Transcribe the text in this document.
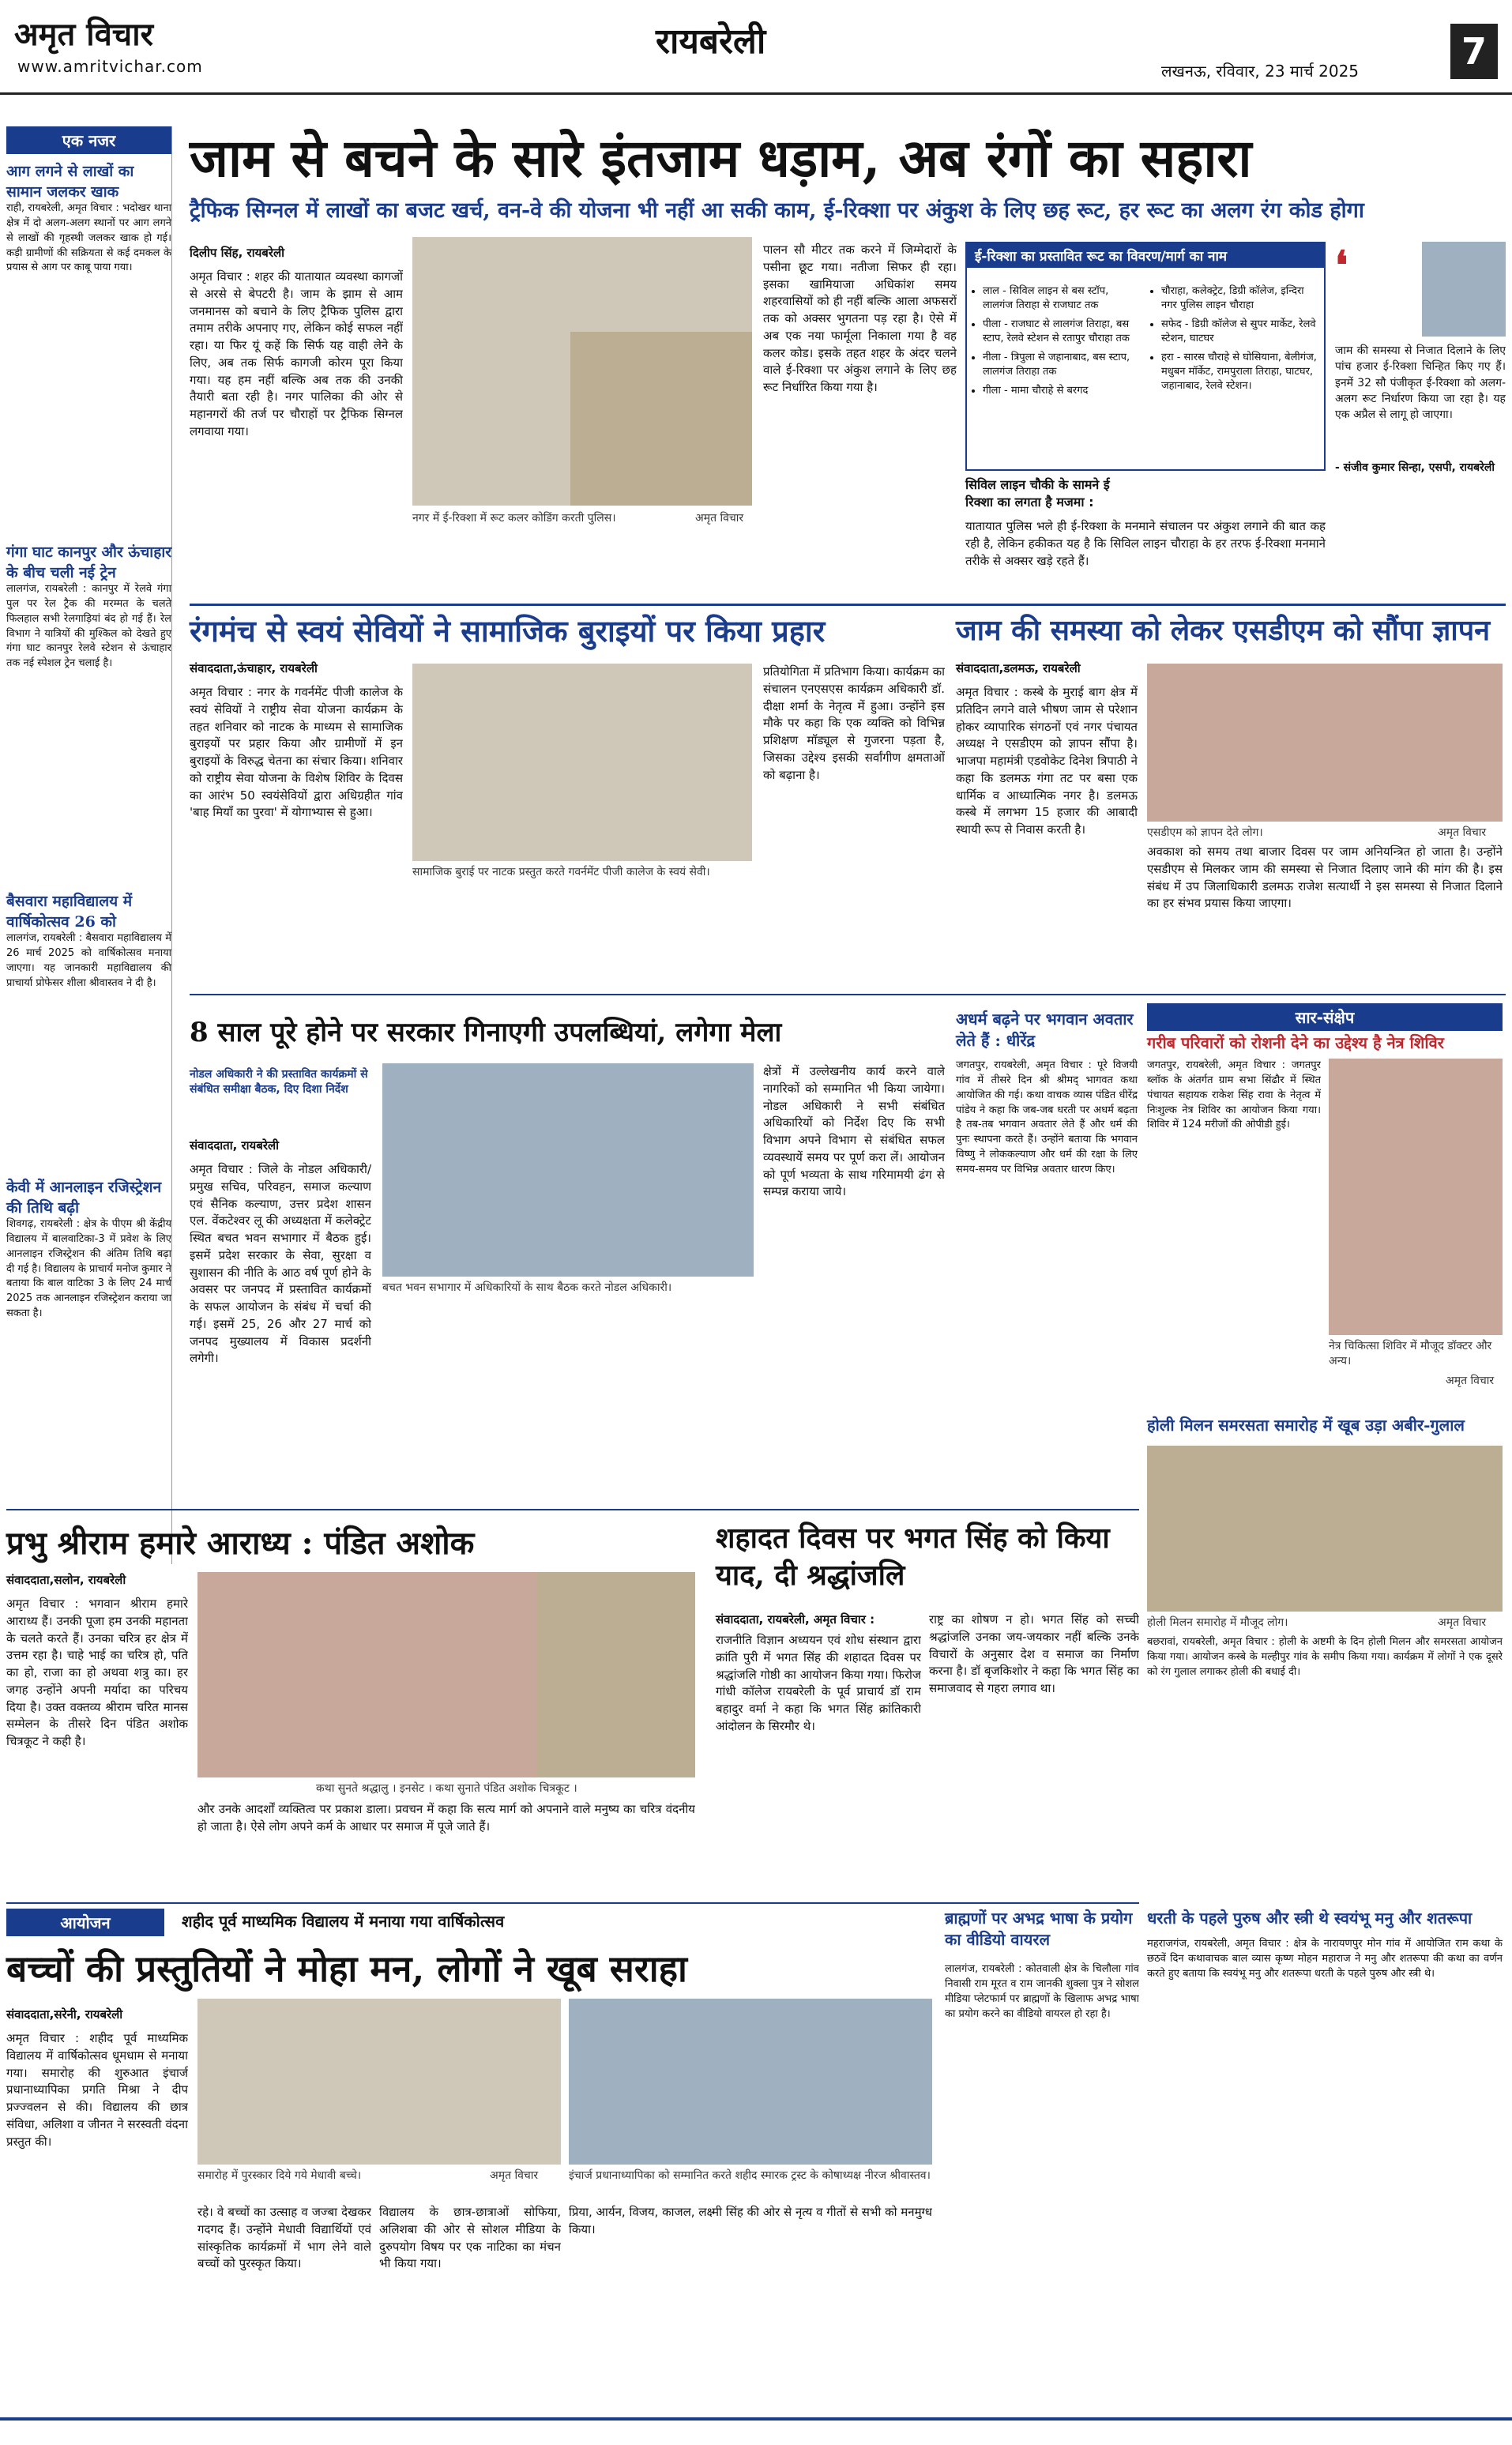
अमृत विचार
www.amritvichar.com
रायबरेली
लखनऊ, रविवार, 23 मार्च 2025	7
एक नजर
आग लगने से लाखों का सामान जलकर खाक
राही, रायबरेली, अमृत विचार : भदोखर थाना क्षेत्र में दो अलग-अलग स्थानों पर आग लगने से लाखों की गृहस्थी जलकर खाक हो गई। कड़ी ग्रामीणों की सक्रियता से कई दमकल के प्रयास से आग पर काबू पाया गया।
गंगा घाट कानपुर और ऊंचाहार के बीच चली नई ट्रेन
लालगंज, रायबरेली : कानपुर में रेलवे गंगा पुल पर रेल ट्रैक की मरम्मत के चलते फिलहाल सभी रेलगाड़ियां बंद हो गई हैं। रेल विभाग ने यात्रियों की मुश्किल को देखते हुए गंगा घाट कानपुर रेलवे स्टेशन से ऊंचाहार तक नई स्पेशल ट्रेन चलाई है।
बैसवारा महाविद्यालय में वार्षिकोत्सव 26 को
लालगंज, रायबरेली : बैसवारा महाविद्यालय में 26 मार्च 2025 को वार्षिकोत्सव मनाया जाएगा। यह जानकारी महाविद्यालय की प्राचार्या प्रोफेसर शीला श्रीवास्तव ने दी है।
केवी में आनलाइन रजिस्ट्रेशन की तिथि बढ़ी
शिवगढ़, रायबरेली : क्षेत्र के पीएम श्री केंद्रीय विद्यालय में बालवाटिका-3 में प्रवेश के लिए आनलाइन रजिस्ट्रेशन की अंतिम तिथि बढ़ा दी गई है। विद्यालय के प्राचार्य मनोज कुमार ने बताया कि बाल वाटिका 3 के लिए 24 मार्च 2025 तक आनलाइन रजिस्ट्रेशन कराया जा सकता है।
जाम से बचने के सारे इंतजाम धड़ाम, अब रंगों का सहारा
ट्रैफिक सिग्नल में लाखों का बजट खर्च, वन-वे की योजना भी नहीं आ सकी काम, ई-रिक्शा पर अंकुश के लिए छह रूट, हर रूट का अलग रंग कोड होगा
दिलीप सिंह, रायबरेली
अमृत विचार : शहर की यातायात व्यवस्था कागजों से अरसे से बेपटरी है। जाम के झाम से आम जनमानस को बचाने के लिए ट्रैफिक पुलिस द्वारा तमाम तरीके अपनाए गए, लेकिन कोई सफल नहीं रहा। या फिर यूं कहें कि सिर्फ यह वाही लेने के लिए, अब तक सिर्फ कागजी कोरम पूरा किया गया। यह हम नहीं बल्कि अब तक की उनकी तैयारी बता रही है। नगर पालिका की ओर से महानगरों की तर्ज पर चौराहों पर ट्रैफिक सिग्नल लगवाया गया।
नगर में ई-रिक्शा में रूट कलर कोडिंग करती पुलिस।	अमृत विचार
पालन सौ मीटर तक करने में जिम्मेदारों के पसीना छूट गया। नतीजा सिफर ही रहा। इसका खामियाजा अधिकांश समय शहरवासियों को ही नहीं बल्कि आला अफसरों तक को अक्सर भुगतना पड़ रहा है। ऐसे में अब एक नया फार्मूला निकाला गया है वह कलर कोड। इसके तहत शहर के अंदर चलने वाले ई-रिक्शा पर अंकुश लगाने के लिए छह रूट निर्धारित किया गया है।
ई-रिक्शा का प्रस्तावित रूट का विवरण/मार्ग का नाम
• लाल - सिविल लाइन से बस स्टॉप, लालगंज तिराहा से राजघाट तक
• पीला - राजघाट से लालगंज तिराहा, बस स्टाप, रेलवे स्टेशन से रतापुर चौराहा तक
• नीला - त्रिपुला से जहानाबाद, बस स्टाप, लालगंज तिराहा तक
• गीला - मामा चौराहे से बरगद
• चौराहा, कलेक्ट्रेट, डिग्री कॉलेज, इन्दिरा नगर पुलिस लाइन चौराहा
• सफेद - डिग्री कॉलेज से सुपर मार्केट, रेलवे स्टेशन, घाटघर
• हरा - सारस चौराहे से घोसियाना, बेलीगंज, मधुबन मॉर्केट, रामपुराला तिराहा, घाटघर, जहानाबाद, रेलवे स्टेशन।
सिविल लाइन चौकी के सामने ई रिक्शा का लगता है मजमा :
यातायात पुलिस भले ही ई-रिक्शा के मनमाने संचालन पर अंकुश लगाने की बात कह रही है, लेकिन हकीकत यह है कि सिविल लाइन चौराहा के हर तरफ ई-रिक्शा मनमाने तरीके से अक्सर खड़े रहते हैं।
❛
जाम की समस्या से निजात दिलाने के लिए पांच हजार ई-रिक्शा चिन्हित किए गए हैं। इनमें 32 सौ पंजीकृत ई-रिक्शा को अलग-अलग रूट निर्धारण किया जा रहा है। यह एक अप्रैल से लागू हो जाएगा।
- संजीव कुमार सिन्हा, एसपी, रायबरेली
रंगमंच से स्वयं सेवियों ने सामाजिक बुराइयों पर किया प्रहार
संवाददाता,ऊंचाहार, रायबरेली
अमृत विचार : नगर के गवर्नमेंट पीजी कालेज के स्वयं सेवियों ने राष्ट्रीय सेवा योजना कार्यक्रम के तहत शनिवार को नाटक के माध्यम से सामाजिक बुराइयों पर प्रहार किया और ग्रामीणों में इन बुराइयों के विरुद्ध चेतना का संचार किया। शनिवार को राष्ट्रीय सेवा योजना के विशेष शिविर के दिवस का आरंभ 50 स्वयंसेवियों द्वारा अधिग्रहीत गांव 'बाह मियाँ का पुरवा' में योगाभ्यास से हुआ।
सामाजिक बुराई पर नाटक प्रस्तुत करते गवर्नमेंट पीजी कालेज के स्वयं सेवी।
प्रतियोगिता में प्रतिभाग किया। कार्यक्रम का संचालन एनएसएस कार्यक्रम अधिकारी डॉ. दीक्षा शर्मा के नेतृत्व में हुआ। उन्होंने इस मौके पर कहा कि एक व्यक्ति को विभिन्न प्रशिक्षण मॉड्यूल से गुजरना पड़ता है, जिसका उद्देश्य इसकी सर्वांगीण क्षमताओं को बढ़ाना है।
जाम की समस्या को लेकर एसडीएम को सौंपा ज्ञापन
संवाददाता,डलमऊ, रायबरेली
अमृत विचार : कस्बे के मुराई बाग क्षेत्र में प्रतिदिन लगने वाले भीषण जाम से परेशान होकर व्यापारिक संगठनों एवं नगर पंचायत अध्यक्ष ने एसडीएम को ज्ञापन सौंपा है। भाजपा महामंत्री एडवोकेट दिनेश त्रिपाठी ने कहा कि डलमऊ गंगा तट पर बसा एक धार्मिक व आध्यात्मिक नगर है। डलमऊ कस्बे में लगभग 15 हजार की आबादी स्थायी रूप से निवास करती है।	एसडीएम को ज्ञापन देते लोग।	अमृत विचार
अवकाश को समय तथा बाजार दिवस पर जाम अनियन्त्रित हो जाता है। उन्होंने एसडीएम से मिलकर जाम की समस्या से निजात दिलाए जाने की मांग की है। इस संबंध में उप जिलाधिकारी डलमऊ राजेश सत्यार्थी ने इस समस्या से निजात दिलाने का हर संभव प्रयास किया जाएगा।
8 साल पूरे होने पर सरकार गिनाएगी उपलब्धियां, लगेगा मेला
नोडल अधिकारी ने की प्रस्तावित कार्यक्रमों से संबंधित समीक्षा बैठक, दिए दिशा निर्देश
संवाददाता, रायबरेली
अमृत विचार : जिले के नोडल अधिकारी/प्रमुख सचिव, परिवहन, समाज कल्याण एवं सैनिक कल्याण, उत्तर प्रदेश शासन एल. वेंकटेश्वर लू की अध्यक्षता में कलेक्ट्रेट स्थित बचत भवन सभागार में बैठक हुई। इसमें प्रदेश सरकार के सेवा, सुरक्षा व सुशासन की नीति के आठ वर्ष पूर्ण होने के अवसर पर जनपद में प्रस्तावित कार्यक्रमों के सफल आयोजन के संबंध में चर्चा की गई। इसमें 25, 26 और 27 मार्च को जनपद मुख्यालय में विकास प्रदर्शनी लगेगी।
बचत भवन सभागार में अधिकारियों के साथ बैठक करते नोडल अधिकारी।
क्षेत्रों में उल्लेखनीय कार्य करने वाले नागरिकों को सम्मानित भी किया जायेगा। नोडल अधिकारी ने सभी संबंधित अधिकारियों को निर्देश दिए कि सभी विभाग अपने विभाग से संबंधित सफल व्यवस्थायें समय पर पूर्ण करा लें। आयोजन को पूर्ण भव्यता के साथ गरिमामयी ढंग से सम्पन्न कराया जाये।
अधर्म बढ़ने पर भगवान अवतार लेते हैं : धीरेंद्र
जगतपुर, रायबरेली, अमृत विचार : पूरे विजयी गांव में तीसरे दिन श्री श्रीमद् भागवत कथा आयोजित की गई। कथा वाचक व्यास पंडित धीरेंद्र पांडेय ने कहा कि जब-जब धरती पर अधर्म बढ़ता है तब-तब भगवान अवतार लेते हैं और धर्म की पुनः स्थापना करते हैं। उन्होंने बताया कि भगवान विष्णु ने लोककल्याण और धर्म की रक्षा के लिए समय-समय पर विभिन्न अवतार धारण किए।
सार-संक्षेप
गरीब परिवारों को रोशनी देने का उद्देश्य है नेत्र शिविर
जगतपुर, रायबरेली, अमृत विचार : जगतपुर ब्लॉक के अंतर्गत ग्राम सभा सिंढौर में स्थित पंचायत सहायक राकेश सिंह रावा के नेतृत्व में निःशुल्क नेत्र शिविर का आयोजन किया गया। शिविर में 124 मरीजों की ओपीडी हुई।
नेत्र चिकित्सा शिविर में मौजूद डॉक्टर और अन्य।
अमृत विचार
होली मिलन समरसता समारोह में खूब उड़ा अबीर-गुलाल
होली मिलन समारोह में मौजूद लोग।	अमृत विचार
बछरावां, रायबरेली, अमृत विचार : होली के अष्टमी के दिन होली मिलन और समरसता आयोजन किया गया। आयोजन कस्बे के मल्हीपुर गांव के समीप किया गया। कार्यक्रम में लोगों ने एक दूसरे को रंग गुलाल लगाकर होली की बधाई दी।
धरती के पहले पुरुष और स्त्री थे स्वयंभू मनु और शतरूपा
महराजगंज, रायबरेली, अमृत विचार : क्षेत्र के नारायणपुर मोन गांव में आयोजित राम कथा के छठवें दिन कथावाचक बाल व्यास कृष्ण मोहन महाराज ने मनु और शतरूपा की कथा का वर्णन करते हुए बताया कि स्वयंभू मनु और शतरूपा धरती के पहले पुरुष और स्त्री थे।
प्रभु श्रीराम हमारे आराध्य : पंडित अशोक
संवाददाता,सलोन, रायबरेली
अमृत विचार : भगवान श्रीराम हमारे आराध्य हैं। उनकी पूजा हम उनकी महानता के चलते करते हैं। उनका चरित्र हर क्षेत्र में उत्तम रहा है। चाहे भाई का चरित्र हो, पति का हो, राजा का हो अथवा शत्रु का। हर जगह उन्होंने अपनी मर्यादा का परिचय दिया है। उक्त वक्तव्य श्रीराम चरित मानस सम्मेलन के तीसरे दिन पंडित अशोक चित्रकूट ने कही है।
कथा सुनते श्रद्धालु । इनसेट । कथा सुनाते पंडित अशोक चित्रकूट ।
और उनके आदर्शों व्यक्तित्व पर प्रकाश डाला। प्रवचन में कहा कि सत्य मार्ग को अपनाने वाले मनुष्य का चरित्र वंदनीय हो जाता है। ऐसे लोग अपने कर्म के आधार पर समाज में पूजे जाते हैं।
शहादत दिवस पर भगत सिंह को किया याद, दी श्रद्धांजलि
संवाददाता, रायबरेली, अमृत विचार :
राजनीति विज्ञान अध्ययन एवं शोध संस्थान द्वारा क्रांति पुरी में भगत सिंह की शहादत दिवस पर श्रद्धांजलि गोष्ठी का आयोजन किया गया। फिरोज गांधी कॉलेज रायबरेली के पूर्व प्राचार्य डॉ राम बहादुर वर्मा ने कहा कि भगत सिंह क्रांतिकारी आंदोलन के सिरमौर थे।
राष्ट्र का शोषण न हो। भगत सिंह को सच्ची श्रद्धांजलि उनका जय-जयकार नहीं बल्कि उनके विचारों के अनुसार देश व समाज का निर्माण करना है। डॉ बृजकिशोर ने कहा कि भगत सिंह का समाजवाद से गहरा लगाव था।
आयोजन	शहीद पूर्व माध्यमिक विद्यालय में मनाया गया वार्षिकोत्सव
बच्चों की प्रस्तुतियों ने मोहा मन, लोगों ने खूब सराहा
संवाददाता,सरेनी, रायबरेली
अमृत विचार : शहीद पूर्व माध्यमिक विद्यालय में वार्षिकोत्सव धूमधाम से मनाया गया। समारोह की शुरुआत इंचार्ज प्रधानाध्यापिका प्रगति मिश्रा ने दीप प्रज्ज्वलन से की। विद्यालय की छात्र संविधा, अलिशा व जीनत ने सरस्वती वंदना प्रस्तुत की।
समारोह में पुरस्कार दिये गये मेधावी बच्चे।	अमृत विचार	इंचार्ज प्रधानाध्यापिका को सम्मानित करते शहीद स्मारक ट्रस्ट के कोषाध्यक्ष नीरज श्रीवास्तव।
रहे। वे बच्चों का उत्साह व जज्बा देखकर गदगद हैं। उन्होंने मेधावी विद्यार्थियों एवं सांस्कृतिक कार्यक्रमों में भाग लेने वाले बच्चों को पुरस्कृत किया।
विद्यालय के छात्र-छात्राओं सोफिया, अलिशबा की ओर से सोशल मीडिया के दुरुपयोग विषय पर एक नाटिका का मंचन भी किया गया।
प्रिया, आर्यन, विजय, काजल, लक्ष्मी सिंह की ओर से नृत्य व गीतों से सभी को मनमुग्ध किया।
ब्राह्मणों पर अभद्र भाषा के प्रयोग का वीडियो वायरल
लालगंज, रायबरेली : कोतवाली क्षेत्र के चिलौला गांव निवासी राम मूरत व राम जानकी शुक्ला पुत्र ने सोशल मीडिया प्लेटफार्म पर ब्राह्मणों के खिलाफ अभद्र भाषा का प्रयोग करने का वीडियो वायरल हो रहा है।
